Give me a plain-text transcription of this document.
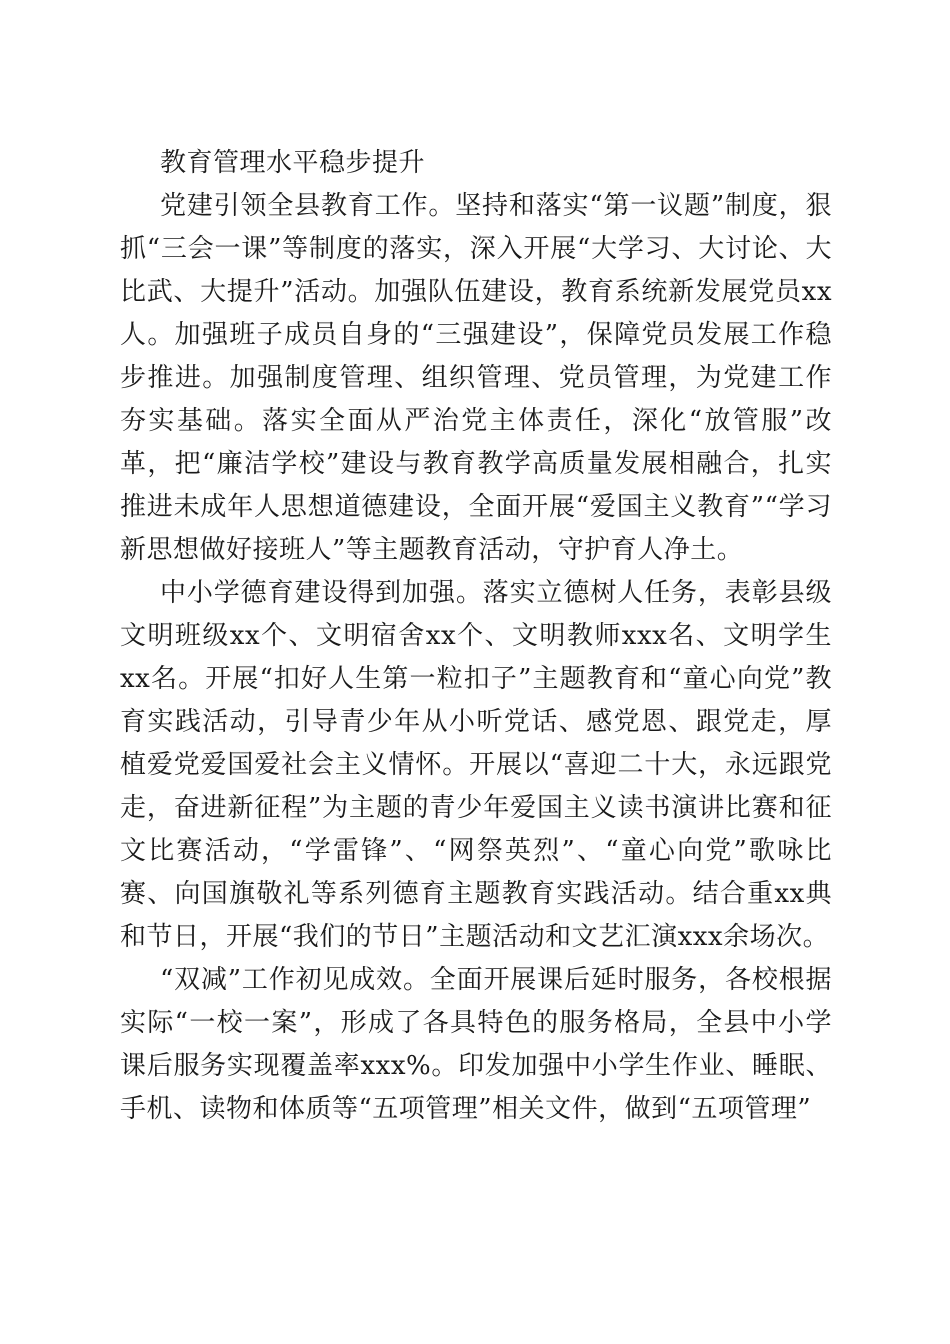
教育管理水平稳步提升

党建引领全县教育工作。坚持和落实“第一议题”制度，狠抓“三会一课”等制度的落实，深入开展“大学习、大讨论、大比武、大提升”活动。加强队伍建设，教育系统新发展党员xx人。加强班子成员自身的“三强建设”，保障党员发展工作稳步推进。加强制度管理、组织管理、党员管理，为党建工作夯实基础。落实全面从严治党主体责任，深化“放管服”改革，把“廉洁学校”建设与教育教学高质量发展相融合，扎实推进未成年人思想道德建设，全面开展“爱国主义教育”“学习新思想做好接班人”等主题教育活动，守护育人净土。

中小学德育建设得到加强。落实立德树人任务，表彰县级文明班级xx个、文明宿舍xx个、文明教师xxx名、文明学生xx名。开展“扣好人生第一粒扣子”主题教育和“童心向党”教育实践活动，引导青少年从小听党话、感党恩、跟党走，厚植爱党爱国爱社会主义情怀。开展以“喜迎二十大，永远跟党走，奋进新征程”为主题的青少年爱国主义读书演讲比赛和征文比赛活动，“学雷锋”、“网祭英烈”、“童心向党”歌咏比赛、向国旗敬礼等系列德育主题教育实践活动。结合重xx典和节日，开展“我们的节日”主题活动和文艺汇演xxx余场次。

“双减”工作初见成效。全面开展课后延时服务，各校根据实际“一校一案”，形成了各具特色的服务格局，全县中小学课后服务实现覆盖率xxx%。印发加强中小学生作业、睡眠、手机、读物和体质等“五项管理”相关文件，做到“五项管理”
